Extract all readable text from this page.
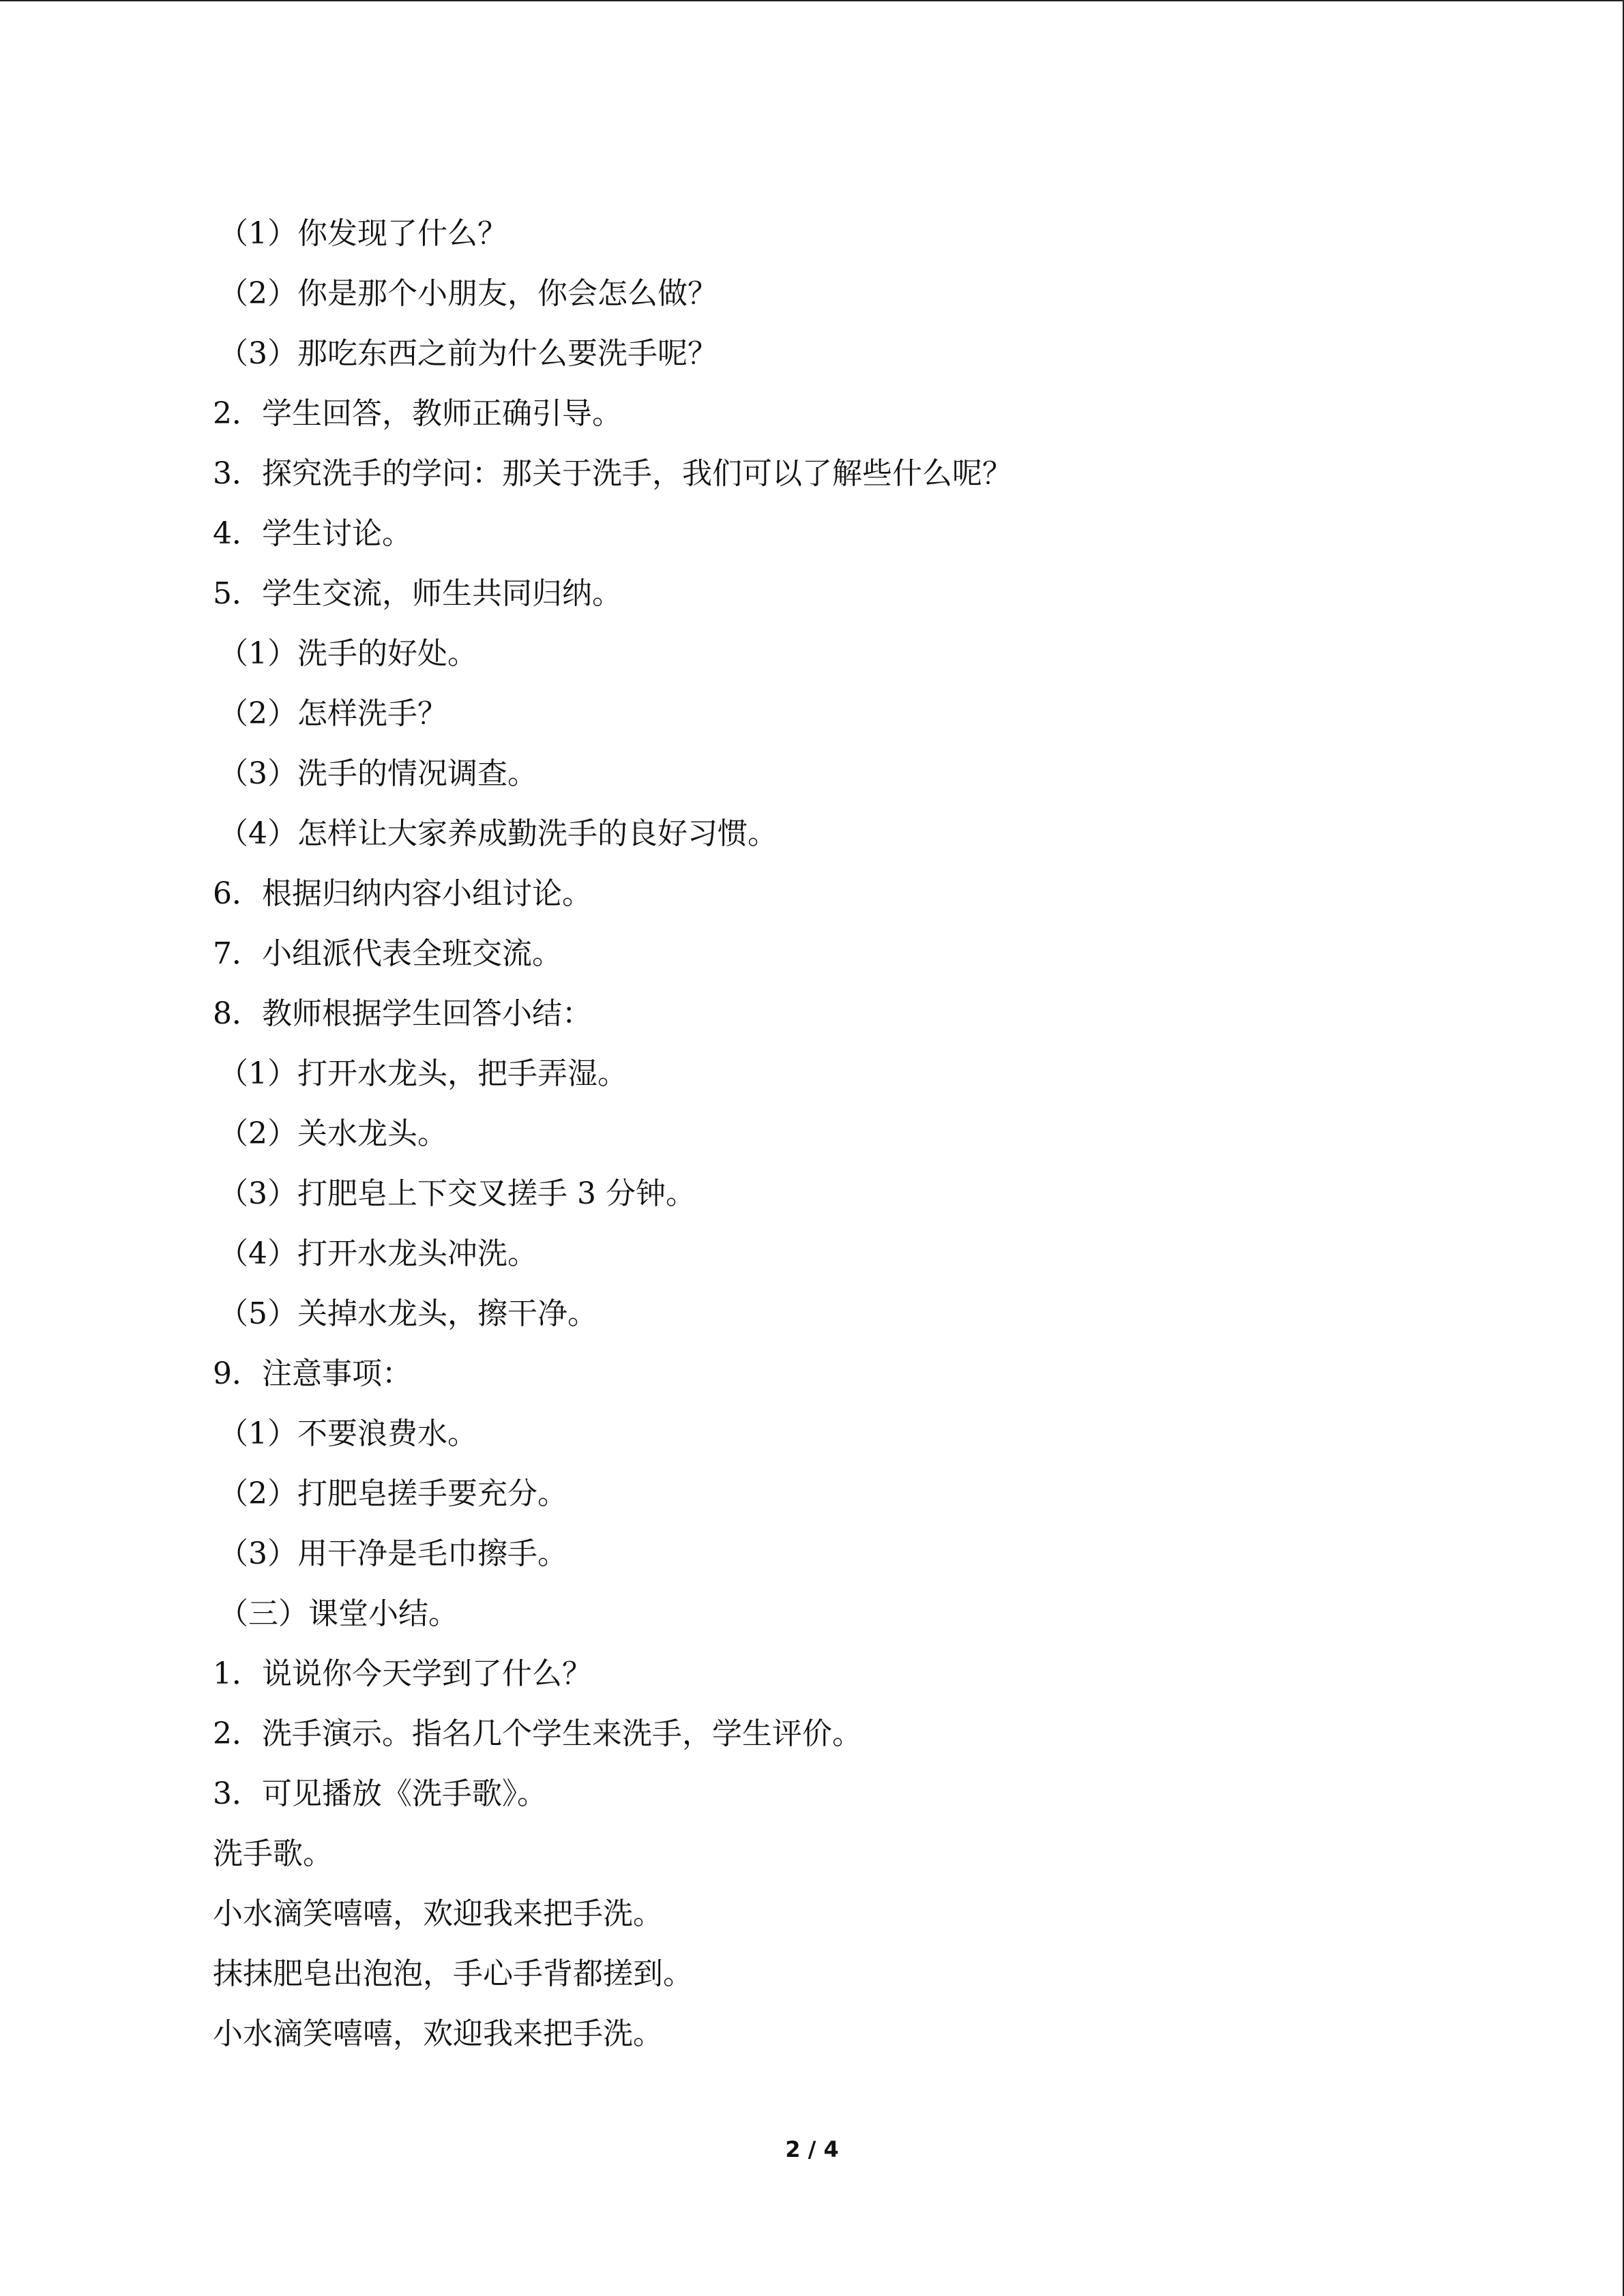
（1）你发现了什么？
（2）你是那个小朋友，你会怎么做？
（3）那吃东西之前为什么要洗手呢？
2．学生回答，教师正确引导。
3．探究洗手的学问：那关于洗手，我们可以了解些什么呢？
4．学生讨论。
5．学生交流，师生共同归纳。
（1）洗手的好处。
（2）怎样洗手？
（3）洗手的情况调查。
（4）怎样让大家养成勤洗手的良好习惯。
6．根据归纳内容小组讨论。
7．小组派代表全班交流。
8．教师根据学生回答小结：
（1）打开水龙头，把手弄湿。
（2）关水龙头。
（3）打肥皂上下交叉搓手 3 分钟。
（4）打开水龙头冲洗。
（5）关掉水龙头，擦干净。
9．注意事项：
（1）不要浪费水。
（2）打肥皂搓手要充分。
（3）用干净是毛巾擦手。
（三）课堂小结。
1．说说你今天学到了什么？
2．洗手演示。指名几个学生来洗手，学生评价。
3．可见播放《洗手歌》。
洗手歌。
小水滴笑嘻嘻，欢迎我来把手洗。
抹抹肥皂出泡泡，手心手背都搓到。
小水滴笑嘻嘻，欢迎我来把手洗。
2 / 4
